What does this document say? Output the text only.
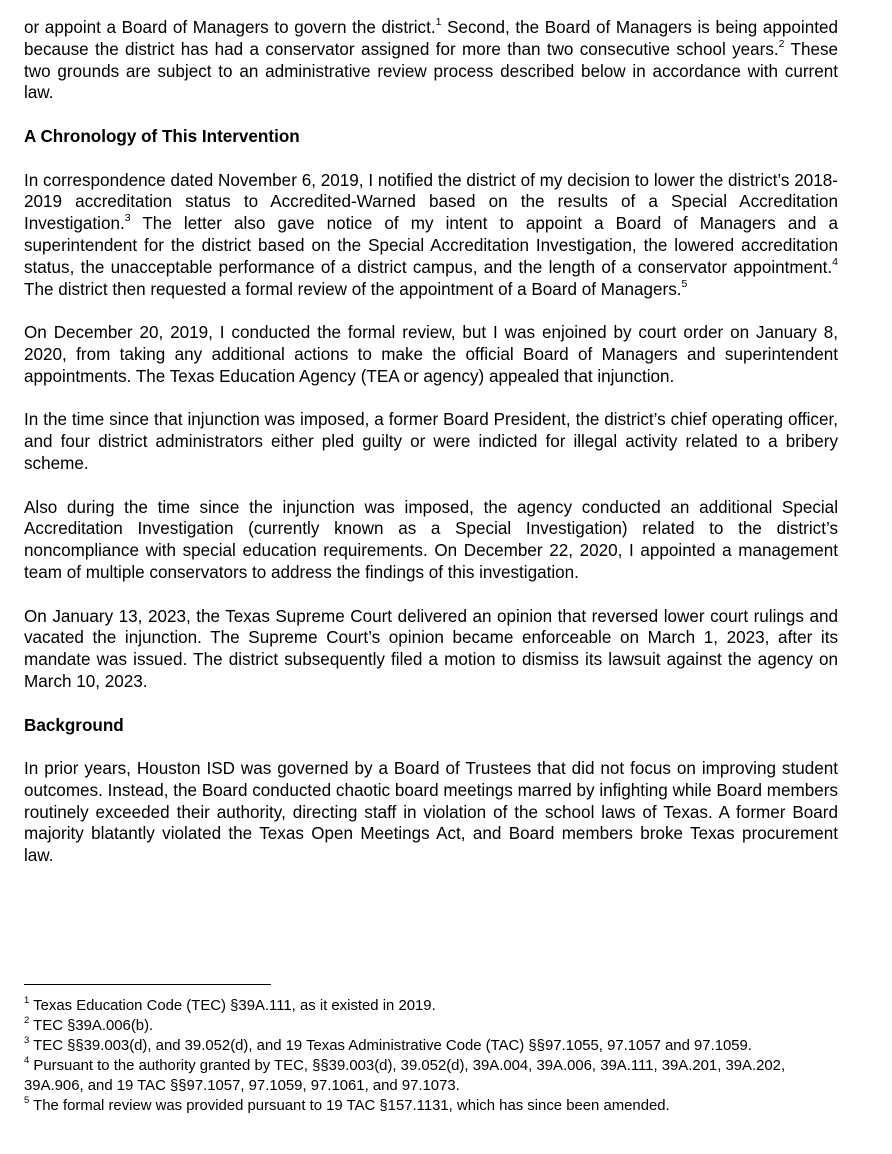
or appoint a Board of Managers to govern the district.$^1$ Second, the Board of Managers is being appointed because the district has had a conservator assigned for more than two consecutive school years.$^2$ These two grounds are subject to an administrative review process described below in accordance with current law.

A Chronology of This Intervention

In correspondence dated November 6, 2019, I notified the district of my decision to lower the district’s 2018-2019 accreditation status to Accredited-Warned based on the results of a Special Accreditation Investigation.$^3$ The letter also gave notice of my intent to appoint a Board of Managers and a superintendent for the district based on the Special Accreditation Investigation, the lowered accreditation status, the unacceptable performance of a district campus, and the length of a conservator appointment.$^4$ The district then requested a formal review of the appointment of a Board of Managers.$^5$

On December 20, 2019, I conducted the formal review, but I was enjoined by court order on January 8, 2020, from taking any additional actions to make the official Board of Managers and superintendent appointments. The Texas Education Agency (TEA or agency) appealed that injunction.

In the time since that injunction was imposed, a former Board President, the district’s chief operating officer, and four district administrators either pled guilty or were indicted for illegal activity related to a bribery scheme.

Also during the time since the injunction was imposed, the agency conducted an additional Special Accreditation Investigation (currently known as a Special Investigation) related to the district’s noncompliance with special education requirements. On December 22, 2020, I appointed a management team of multiple conservators to address the findings of this investigation.

On January 13, 2023, the Texas Supreme Court delivered an opinion that reversed lower court rulings and vacated the injunction. The Supreme Court’s opinion became enforceable on March 1, 2023, after its mandate was issued. The district subsequently filed a motion to dismiss its lawsuit against the agency on March 10, 2023.

Background

In prior years, Houston ISD was governed by a Board of Trustees that did not focus on improving student outcomes. Instead, the Board conducted chaotic board meetings marred by infighting while Board members routinely exceeded their authority, directing staff in violation of the school laws of Texas. A former Board majority blatantly violated the Texas Open Meetings Act, and Board members broke Texas procurement law.

$^1$ Texas Education Code (TEC) §39A.111, as it existed in 2019.

$^2$ TEC §39A.006(b).

$^3$ TEC §§39.003(d), and 39.052(d), and 19 Texas Administrative Code (TAC) §§97.1055, 97.1057 and 97.1059.

$^4$ Pursuant to the authority granted by TEC, §§39.003(d), 39.052(d), 39A.004, 39A.006, 39A.111, 39A.201, 39A.202, 39A.906, and 19 TAC §§97.1057, 97.1059, 97.1061, and 97.1073.

$^5$ The formal review was provided pursuant to 19 TAC §157.1131, which has since been amended.
